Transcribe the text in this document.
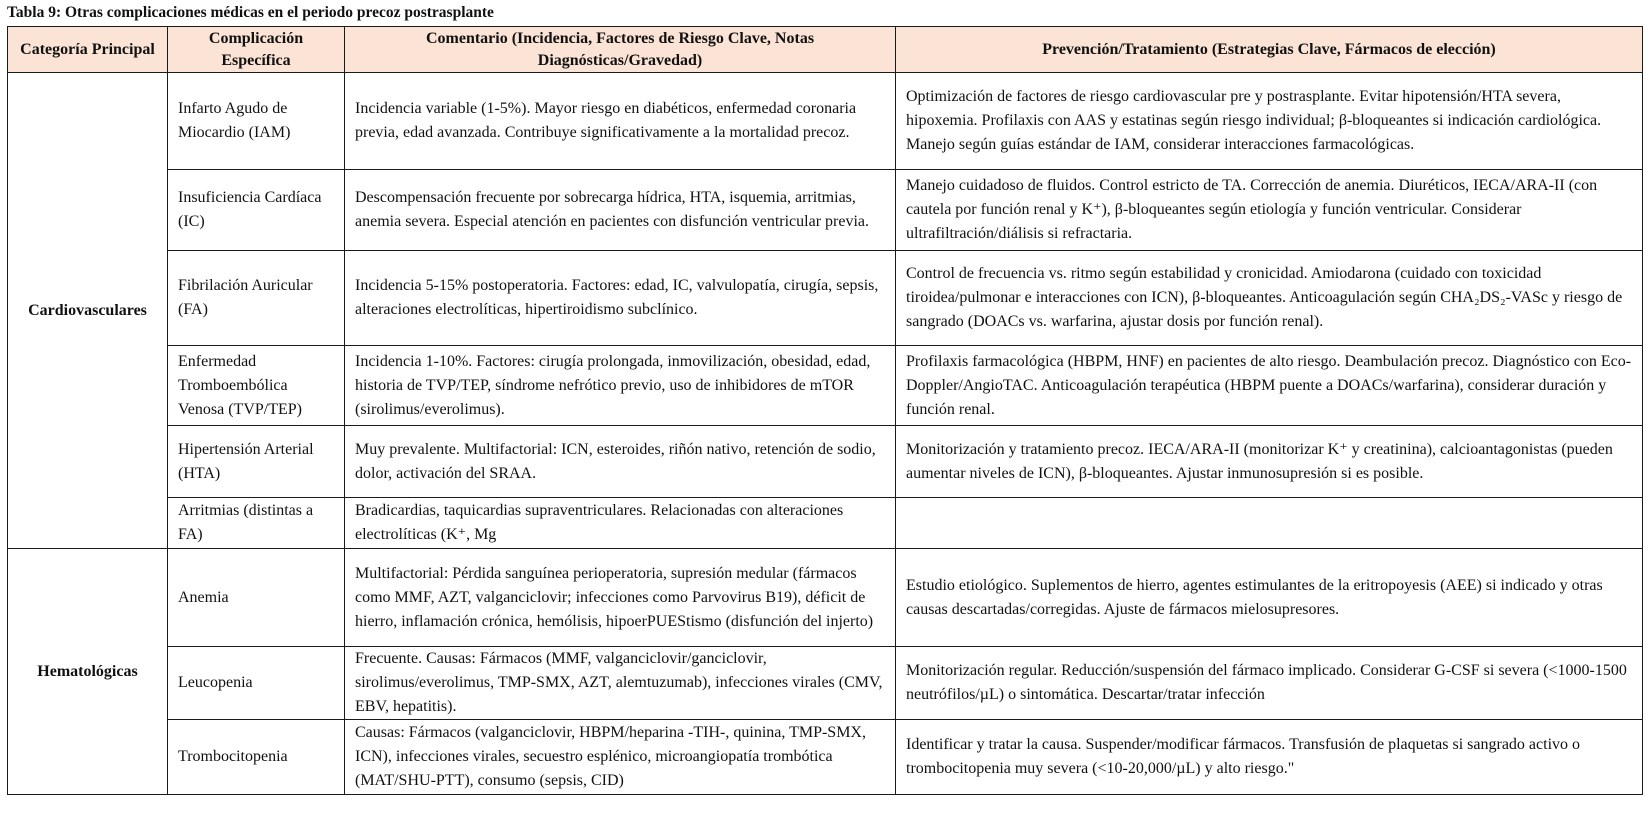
Tabla 9: Otras complicaciones médicas en el periodo precoz postrasplante
Categoría Principal	Complicación Específica	Comentario (Incidencia, Factores de Riesgo Clave, Notas Diagnósticas/Gravedad)	Prevención/Tratamiento (Estrategias Clave, Fármacos de elección)
Cardiovasculares	Infarto Agudo de Miocardio (IAM)	Incidencia variable (1-5%). Mayor riesgo en diabéticos, enfermedad coronaria previa, edad avanzada. Contribuye significativamente a la mortalidad precoz.	Optimización de factores de riesgo cardiovascular pre y postrasplante. Evitar hipotensión/HTA severa, hipoxemia. Profilaxis con AAS y estatinas según riesgo individual; β-bloqueantes si indicación cardiológica. Manejo según guías estándar de IAM, considerar interacciones farmacológicas.
	Insuficiencia Cardíaca (IC)	Descompensación frecuente por sobrecarga hídrica, HTA, isquemia, arritmias, anemia severa. Especial atención en pacientes con disfunción ventricular previa.	Manejo cuidadoso de fluidos. Control estricto de TA. Corrección de anemia. Diuréticos, IECA/ARA-II (con cautela por función renal y K⁺), β-bloqueantes según etiología y función ventricular. Considerar ultrafiltración/diálisis si refractaria.
	Fibrilación Auricular (FA)	Incidencia 5-15% postoperatoria. Factores: edad, IC, valvulopatía, cirugía, sepsis, alteraciones electrolíticas, hipertiroidismo subclínico.	Control de frecuencia vs. ritmo según estabilidad y cronicidad. Amiodarona (cuidado con toxicidad tiroidea/pulmonar e interacciones con ICN), β-bloqueantes. Anticoagulación según CHA₂DS₂-VASc y riesgo de sangrado (DOACs vs. warfarina, ajustar dosis por función renal).
	Enfermedad Tromboembólica Venosa (TVP/TEP)	Incidencia 1-10%. Factores: cirugía prolongada, inmovilización, obesidad, edad, historia de TVP/TEP, síndrome nefrótico previo, uso de inhibidores de mTOR (sirolimus/everolimus).	Profilaxis farmacológica (HBPM, HNF) en pacientes de alto riesgo. Deambulación precoz. Diagnóstico con Eco-Doppler/AngioTAC. Anticoagulación terapéutica (HBPM puente a DOACs/warfarina), considerar duración y función renal.
	Hipertensión Arterial (HTA)	Muy prevalente. Multifactorial: ICN, esteroides, riñón nativo, retención de sodio, dolor, activación del SRAA.	Monitorización y tratamiento precoz. IECA/ARA-II (monitorizar K⁺ y creatinina), calcioantagonistas (pueden aumentar niveles de ICN), β-bloqueantes. Ajustar inmunosupresión si es posible.
	Arritmias (distintas a FA)	Bradicardias, taquicardias supraventriculares. Relacionadas con alteraciones electrolíticas (K⁺, Mg	
Hematológicas	Anemia	Multifactorial: Pérdida sanguínea perioperatoria, supresión medular (fármacos como MMF, AZT, valganciclovir; infecciones como Parvovirus B19), déficit de hierro, inflamación crónica, hemólisis, hipoerPUEStismo (disfunción del injerto)	Estudio etiológico. Suplementos de hierro, agentes estimulantes de la eritropoyesis (AEE) si indicado y otras causas descartadas/corregidas. Ajuste de fármacos mielosupresores.
	Leucopenia	Frecuente. Causas: Fármacos (MMF, valganciclovir/ganciclovir, sirolimus/everolimus, TMP-SMX, AZT, alemtuzumab), infecciones virales (CMV, EBV, hepatitis).	Monitorización regular. Reducción/suspensión del fármaco implicado. Considerar G-CSF si severa (<1000-1500 neutrófilos/µL) o sintomática. Descartar/tratar infección
	Trombocitopenia	Causas: Fármacos (valganciclovir, HBPM/heparina -TIH-, quinina, TMP-SMX, ICN), infecciones virales, secuestro esplénico, microangiopatía trombótica (MAT/SHU-PTT), consumo (sepsis, CID)	Identificar y tratar la causa. Suspender/modificar fármacos. Transfusión de plaquetas si sangrado activo o trombocitopenia muy severa (<10-20,000/µL) y alto riesgo."
